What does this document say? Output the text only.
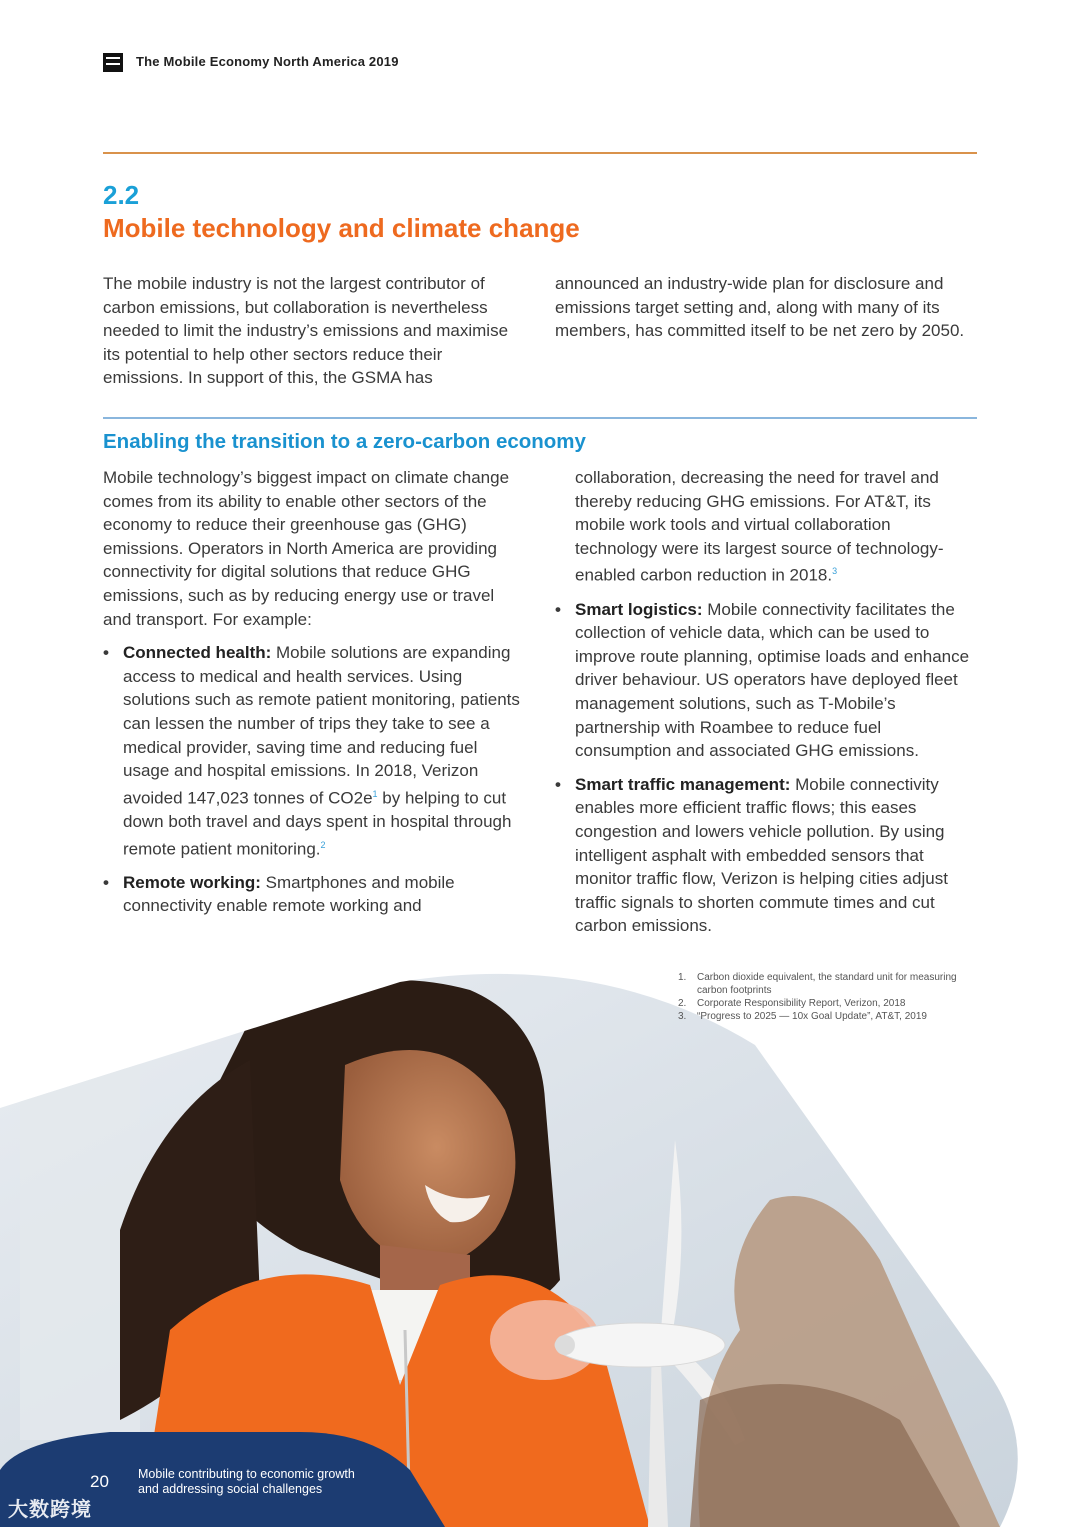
The Mobile Economy North America 2019
2.2
Mobile technology and climate change

The mobile industry is not the largest contributor of carbon emissions, but collaboration is nevertheless needed to limit the industry’s emissions and maximise its potential to help other sectors reduce their emissions. In support of this, the GSMA has

announced an industry-wide plan for disclosure and emissions target setting and, along with many of its members, has committed itself to be net zero by 2050.

Enabling the transition to a zero-carbon economy

Mobile technology’s biggest impact on climate change comes from its ability to enable other sectors of the economy to reduce their greenhouse gas (GHG) emissions. Operators in North America are providing connectivity for digital solutions that reduce GHG emissions, such as by reducing energy use or travel and transport. For example:

• Connected health: Mobile solutions are expanding access to medical and health services. Using solutions such as remote patient monitoring, patients can lessen the number of trips they take to see a medical provider, saving time and reducing fuel usage and hospital emissions. In 2018, Verizon avoided 147,023 tonnes of $CO2e^1$ by helping to cut down both travel and days spent in hospital through remote patient monitoring.$^2$
• Remote working: Smartphones and mobile connectivity enable remote working and

collaboration, decreasing the need for travel and thereby reducing GHG emissions. For AT&T, its mobile work tools and virtual collaboration technology were its largest source of technology-enabled carbon reduction in 2018.$^3$

• Smart logistics: Mobile connectivity facilitates the collection of vehicle data, which can be used to improve route planning, optimise loads and enhance driver behaviour. US operators have deployed fleet management solutions, such as T-Mobile’s partnership with Roambee to reduce fuel consumption and associated GHG emissions.
• Smart traffic management: Mobile connectivity enables more efficient traffic flows; this eases congestion and lowers vehicle pollution. By using intelligent asphalt with embedded sensors that monitor traffic flow, Verizon is helping cities adjust traffic signals to shorten commute times and cut carbon emissions.
1.	Carbon dioxide equivalent, the standard unit for measuring carbon footprints
2.	Corporate Responsibility Report, Verizon, 2018
3.	“Progress to 2025 — 10x Goal Update”, AT&T, 2019
20 Mobile contributing to economic growth
and addressing social challenges
大数跨境
